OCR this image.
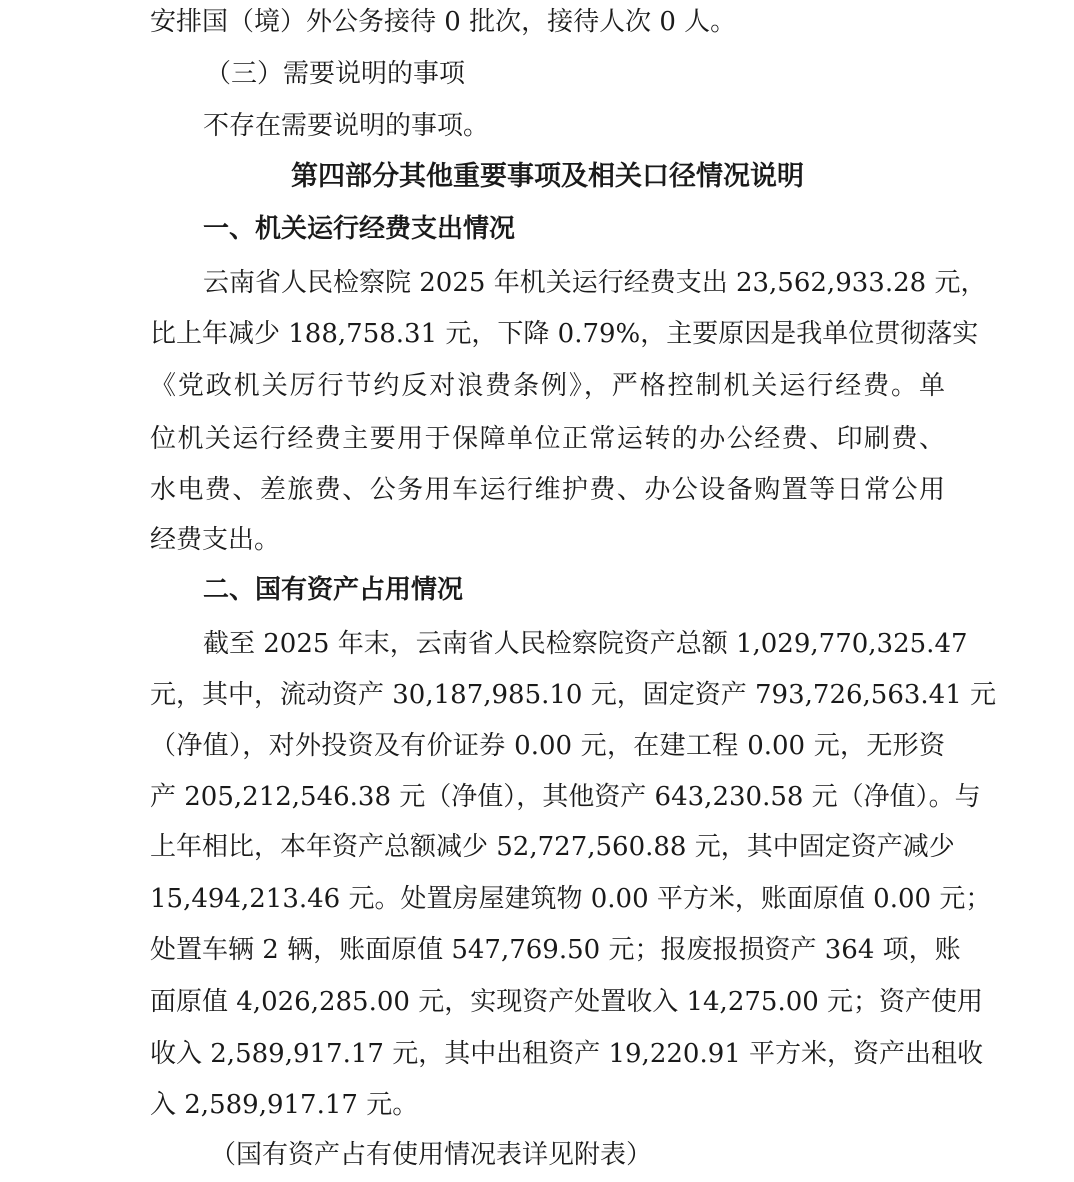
安排国（境）外公务接待 0 批次，接待人次 0 人。
（三）需要说明的事项
不存在需要说明的事项。
第四部分其他重要事项及相关口径情况说明
一、机关运行经费支出情况
云南省人民检察院 2025 年机关运行经费支出 23,562,933.28 元，
比上年减少 188,758.31 元，下降 0.79%，主要原因是我单位贯彻落实
《党政机关厉行节约反对浪费条例》，严格控制机关运行经费。单
位机关运行经费主要用于保障单位正常运转的办公经费、印刷费、
水电费、差旅费、公务用车运行维护费、办公设备购置等日常公用
经费支出。
二、国有资产占用情况
截至 2025 年末，云南省人民检察院资产总额 1,029,770,325.47
元，其中，流动资产 30,187,985.10 元，固定资产 793,726,563.41 元
（净值），对外投资及有价证券 0.00 元，在建工程 0.00 元，无形资
产 205,212,546.38 元（净值），其他资产 643,230.58 元（净值）。与
上年相比，本年资产总额减少 52,727,560.88 元，其中固定资产减少
15,494,213.46 元。处置房屋建筑物 0.00 平方米，账面原值 0.00 元；
处置车辆 2 辆，账面原值 547,769.50 元；报废报损资产 364 项，账
面原值 4,026,285.00 元，实现资产处置收入 14,275.00 元；资产使用
收入 2,589,917.17 元，其中出租资产 19,220.91 平方米，资产出租收
入 2,589,917.17 元。
（国有资产占有使用情况表详见附表）
